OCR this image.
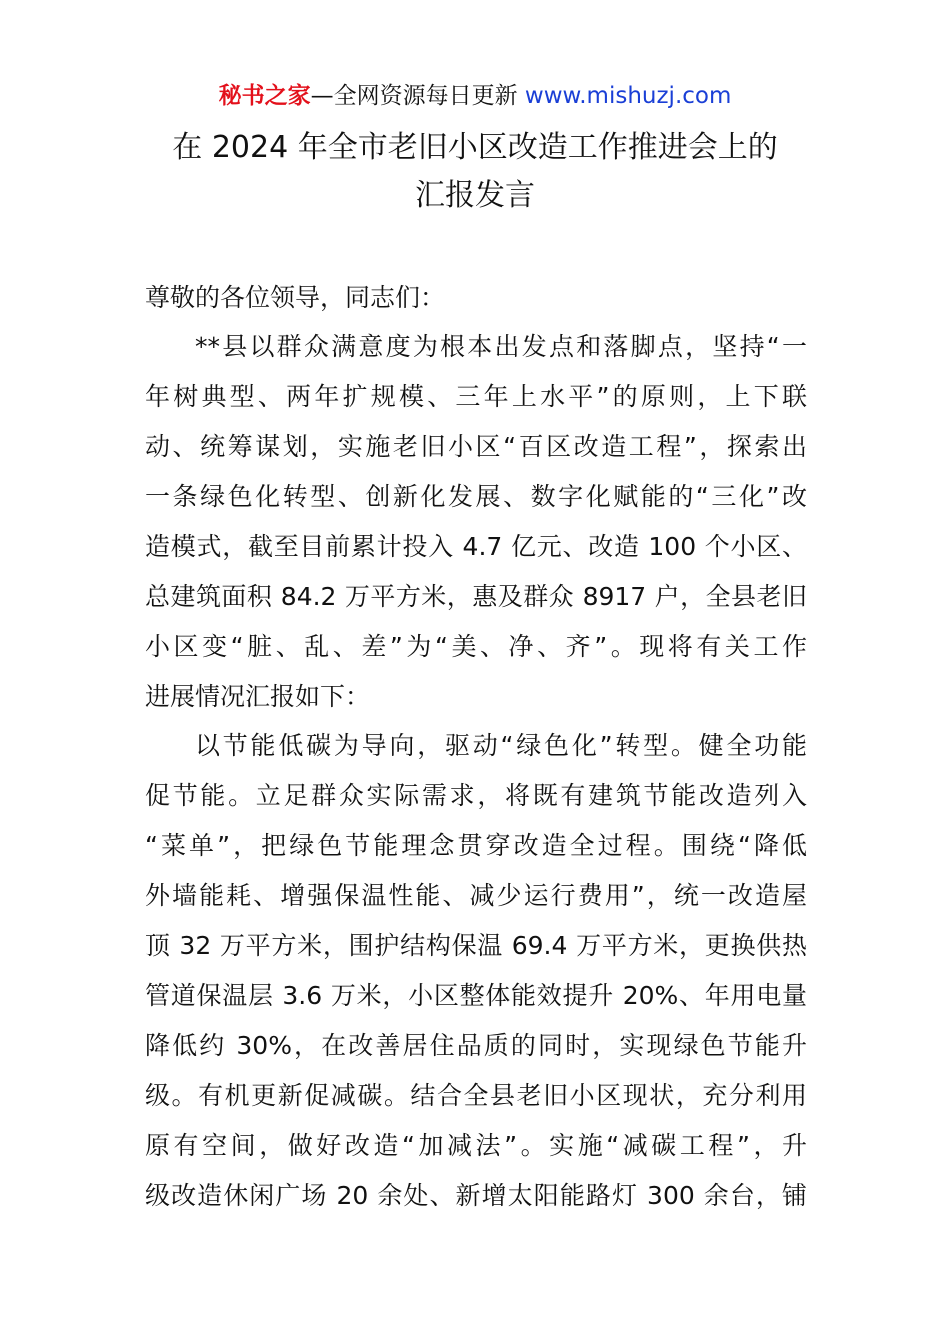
秘书之家—全网资源每日更新 www.mishuzj.com
在 2024 年全市老旧小区改造工作推进会上的
汇报发言
尊敬的各位领导，同志们：
**县以群众满意度为根本出发点和落脚点，坚持“一
年树典型、两年扩规模、三年上水平”的原则，上下联
动、统筹谋划，实施老旧小区“百区改造工程”，探索出
一条绿色化转型、创新化发展、数字化赋能的“三化”改
造模式，截至目前累计投入 4.7 亿元、改造 100 个小区、
总建筑面积 84.2 万平方米，惠及群众 8917 户，全县老旧
小区变“脏、乱、差”为“美、净、齐”。现将有关工作
进展情况汇报如下：
以节能低碳为导向，驱动“绿色化”转型。健全功能
促节能。立足群众实际需求，将既有建筑节能改造列入
“菜单”，把绿色节能理念贯穿改造全过程。围绕“降低
外墙能耗、增强保温性能、减少运行费用”，统一改造屋
顶 32 万平方米，围护结构保温 69.4 万平方米，更换供热
管道保温层 3.6 万米，小区整体能效提升 20%、年用电量
降低约 30%，在改善居住品质的同时，实现绿色节能升
级。有机更新促减碳。结合全县老旧小区现状，充分利用
原有空间，做好改造“加减法”。实施“减碳工程”，升
级改造休闲广场 20 余处、新增太阳能路灯 300 余台，铺
